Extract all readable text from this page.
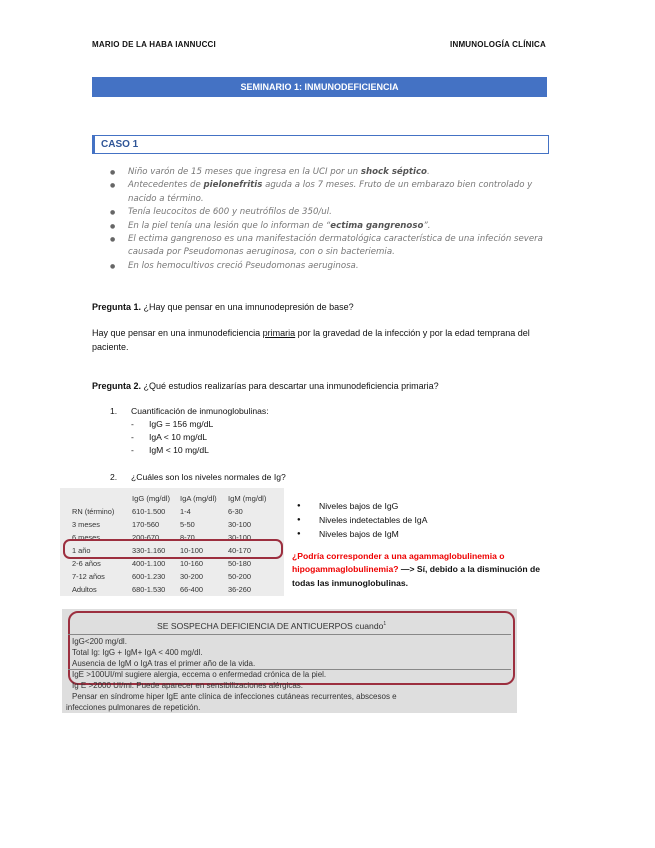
MARIO DE LA HABA IANNUCCI	INMUNOLOGÍA CLÍNICA
SEMINARIO 1: INMUNODEFICIENCIA
CASO 1
● Niño varón de 15 meses que ingresa en la UCI por un shock séptico.
● Antecedentes de pielonefritis aguda a los 7 meses. Fruto de un embarazo bien controlado y nacido a término.
● Tenía leucocitos de 600 y neutrófilos de 350/ul.
● En la piel tenía una lesión que lo informan de “ectima gangrenoso”.
● El ectima gangrenoso es una manifestación dermatológica característica de una infeción severa causada por Pseudomonas aeruginosa, con o sin bacteriemia.
● En los hemocultivos creció Pseudomonas aeruginosa.
Pregunta 1. ¿Hay que pensar en una imnunodepresión de base?
Hay que pensar en una inmunodeficiencia primaria por la gravedad de la infección y por la edad temprana del paciente.
Pregunta 2. ¿Qué estudios realizarías para descartar una inmunodeficiencia primaria?
1. Cuantificación de inmunoglobulinas:
- IgG = 156 mg/dL
- IgA < 10 mg/dL
- IgM < 10 mg/dL
2. ¿Cuáles son los niveles normales de Ig?
	IgG (mg/dl)	IgA (mg/dl)	IgM (mg/dl)
RN (término)	610-1.500	1-4	6-30
3 meses	170-560	5-50	30-100
6 meses	200-670	8-70	30-100
1 año	330-1.160	10-100	40-170
2-6 años	400-1.100	10-160	50-180
7-12 años	600-1.230	30-200	50-200
Adultos	680-1.530	66-400	36-260
● Niveles bajos de IgG
● Niveles indetectables de IgA
● Niveles bajos de IgM
¿Podría corresponder a una agammaglobulinemia o hipogammaglobulinemia? —> Sí, debido a la disminución de todas las inmunoglobulinas.
SE SOSPECHA DEFICIENCIA DE ANTICUERPOS cuando$^1$
IgG<200 mg/dl.
Total Ig: IgG + IgM+ IgA < 400 mg/dl.
Ausencia de IgM o IgA tras el primer año de la vida.
IgE >100UI/ml sugiere alergia, eccema o enfermedad crónica de la piel.
Ig E >2000 UI/ml. Puede aparecer en sensibilizaciones alérgicas.
Pensar en síndrome hiper IgE ante clínica de infecciones cutáneas recurrentes, abscesos e
infecciones pulmonares de repetición.
